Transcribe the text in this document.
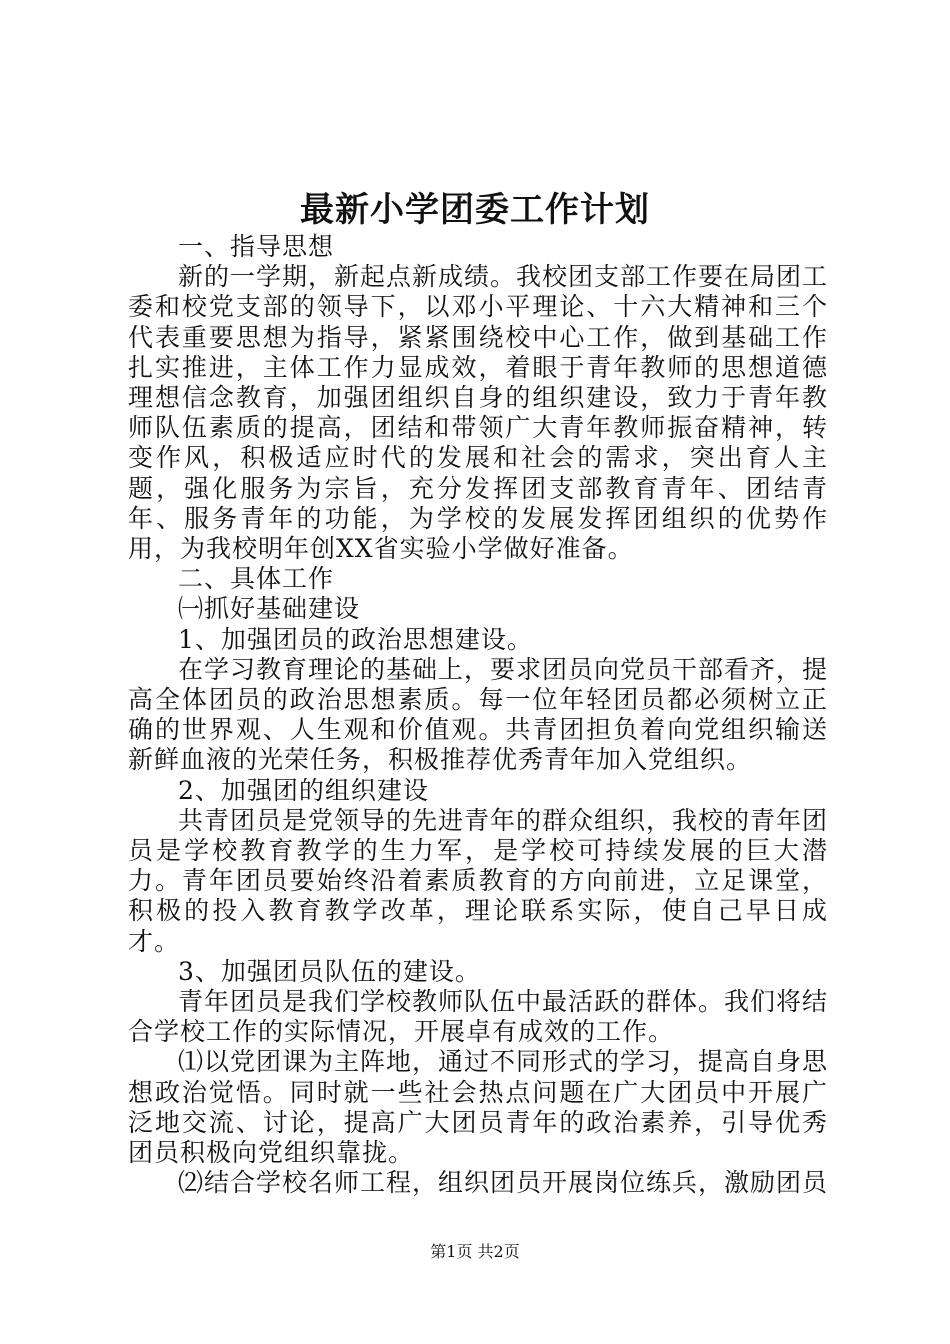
最新小学团委工作计划

一、指导思想

新的一学期，新起点新成绩。我校团支部工作要在局团工委和校党支部的领导下，以邓小平理论、十六大精神和三个代表重要思想为指导，紧紧围绕校中心工作，做到基础工作扎实推进，主体工作力显成效，着眼于青年教师的思想道德理想信念教育，加强团组织自身的组织建设，致力于青年教师队伍素质的提高，团结和带领广大青年教师振奋精神，转变作风，积极适应时代的发展和社会的需求，突出育人主题，强化服务为宗旨，充分发挥团支部教育青年、团结青年、服务青年的功能，为学校的发展发挥团组织的优势作用，为我校明年创XX省实验小学做好准备。

二、具体工作

㈠抓好基础建设

1、加强团员的政治思想建设。

在学习教育理论的基础上，要求团员向党员干部看齐，提高全体团员的政治思想素质。每一位年轻团员都必须树立正确的世界观、人生观和价值观。共青团担负着向党组织输送新鲜血液的光荣任务，积极推荐优秀青年加入党组织。

2、加强团的组织建设

共青团员是党领导的先进青年的群众组织，我校的青年团员是学校教育教学的生力军，是学校可持续发展的巨大潜力。青年团员要始终沿着素质教育的方向前进，立足课堂，积极的投入教育教学改革，理论联系实际，使自己早日成才。

3、加强团员队伍的建设。

青年团员是我们学校教师队伍中最活跃的群体。我们将结合学校工作的实际情况，开展卓有成效的工作。

⑴以党团课为主阵地，通过不同形式的学习，提高自身思想政治觉悟。同时就一些社会热点问题在广大团员中开展广泛地交流、讨论，提高广大团员青年的政治素养，引导优秀团员积极向党组织靠拢。

⑵结合学校名师工程，组织团员开展岗位练兵，激励团员

第1页 共2页
